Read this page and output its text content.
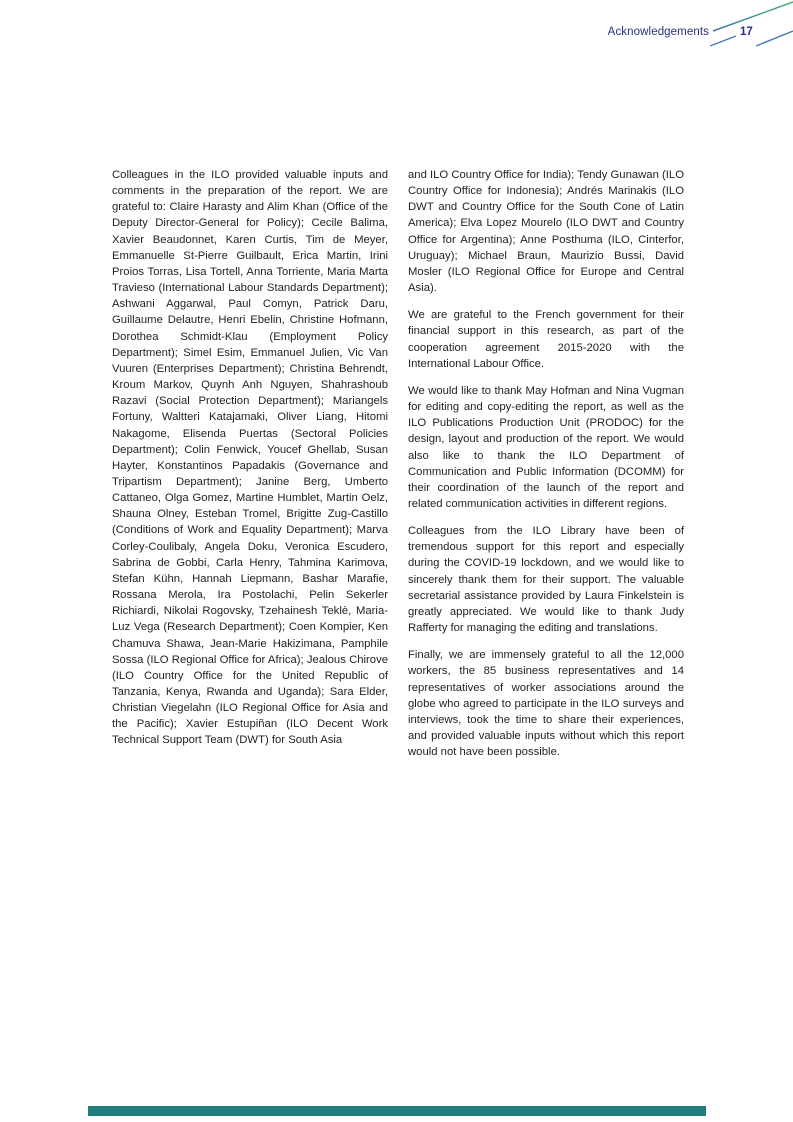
Acknowledgements	17

Colleagues in the ILO provided valuable inputs and comments in the preparation of the report. We are grateful to: Claire Harasty and Alim Khan (Office of the Deputy Director-General for Policy); Cecile Balima, Xavier Beaudonnet, Karen Curtis, Tim de Meyer, Emmanuelle St-Pierre Guilbault, Erica Martin, Irini Proios Torras, Lisa Tortell, Anna Torriente, Maria Marta Travieso (International Labour Standards Department); Ashwani Aggarwal, Paul Comyn, Patrick Daru, Guillaume Delautre, Henri Ebelin, Christine Hofmann, Dorothea Schmidt-Klau (Employment Policy Department); Simel Esim, Emmanuel Julien, Vic Van Vuuren (Enterprises Department); Christina Behrendt, Kroum Markov, Quynh Anh Nguyen, Shahrashoub Razavi (Social Protection Department); Mariangels Fortuny, Waltteri Katajamaki, Oliver Liang, Hitomi Nakagome, Elisenda Puertas (Sectoral Policies Department); Colin Fenwick, Youcef Ghellab, Susan Hayter, Konstantinos Papadakis (Governance and Tripartism Department); Janine Berg, Umberto Cattaneo, Olga Gomez, Martine Humblet, Martin Oelz, Shauna Olney, Esteban Tromel, Brigitte Zug-Castillo (Conditions of Work and Equality Department); Marva Corley-Coulibaly, Angela Doku, Veronica Escudero, Sabrina de Gobbi, Carla Henry, Tahmina Karimova, Stefan Kühn, Hannah Liepmann, Bashar Marafie, Rossana Merola, Ira Postolachi, Pelin Sekerler Richiardi, Nikolai Rogovsky, Tzehainesh Teklè, Maria-Luz Vega (Research Department); Coen Kompier, Ken Chamuva Shawa, Jean-Marie Hakizimana, Pamphile Sossa (ILO Regional Office for Africa); Jealous Chirove (ILO Country Office for the United Republic of Tanzania, Kenya, Rwanda and Uganda); Sara Elder, Christian Viegelahn (ILO Regional Office for Asia and the Pacific); Xavier Estupiñan (ILO Decent Work Technical Support Team (DWT) for South Asia

and ILO Country Office for India); Tendy Gunawan (ILO Country Office for Indonesia); Andrés Marinakis (ILO DWT and Country Office for the South Cone of Latin America); Elva Lopez Mourelo (ILO DWT and Country Office for Argentina); Anne Posthuma (ILO, Cinterfor, Uruguay); Michael Braun, Maurizio Bussi, David Mosler (ILO Regional Office for Europe and Central Asia).

We are grateful to the French government for their financial support in this research, as part of the cooperation agreement 2015-2020 with the International Labour Office.

We would like to thank May Hofman and Nina Vugman for editing and copy-editing the report, as well as the ILO Publications Production Unit (PRODOC) for the design, layout and production of the report. We would also like to thank the ILO Department of Communication and Public Information (DCOMM) for their coordination of the launch of the report and related communication activities in different regions.

Colleagues from the ILO Library have been of tremendous support for this report and especially during the COVID-19 lockdown, and we would like to sincerely thank them for their support. The valuable secretarial assistance provided by Laura Finkelstein is greatly appreciated. We would like to thank Judy Rafferty for managing the editing and translations.

Finally, we are immensely grateful to all the 12,000 workers, the 85 business representatives and 14 representatives of worker associations around the globe who agreed to participate in the ILO surveys and interviews, took the time to share their experiences, and provided valuable inputs without which this report would not have been possible.
